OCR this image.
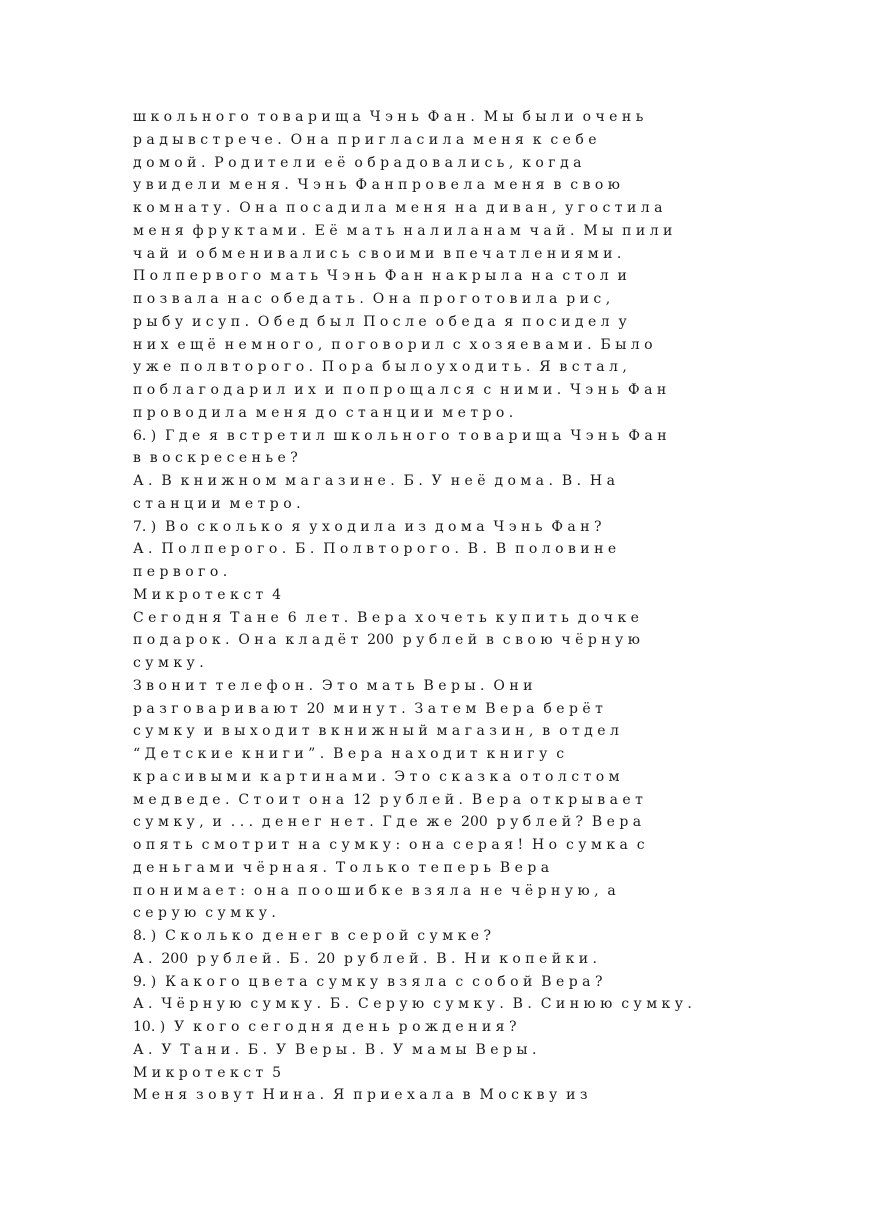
ш к о л ь н о г о  т о в а р и щ а  Ч э н ь  Ф а н .  М ы  б ы л и  о ч е н ь
р а д ы в с т р е ч е .  О н а  п р и г л а с и л а  м е н я  к  с е б е
д о м о й .  Р о д и т е л и  е ё  о б р а д о в а л и с ь ,  к о г д а
у в и д е л и  м е н я .  Ч э н ь  Ф а н п р о в е л а  м е н я  в  с в о ю
к о м н а т у .  О н а  п о с а д и л а  м е н я  н а  д и в а н ,  у г о с т и л а
м е н я  ф р у к т а м и .  Е ё  м а т ь  н а л и л а н а м  ч а й .  М ы  п и л и
ч а й  и  о б м е н и в а л и с ь  с в о и м и  в п е ч а т л е н и я м и .
П о л п е р в о г о  м а т ь  Ч э н ь  Ф а н  н а к р ы л а  н а  с т о л  и
п о з в а л а  н а с  о б е д а т ь .  О н а  п р о г о т о в и л а  р и с ,
р ы б у  и с у п .  О б е д  б ы л  П о с л е  о б е д а  я  п о с и д е л  у
н и х  е щ ё  н е м н о г о ,  п о г о в о р и л  с  х о з я е в а м и .  Б ы л о
у ж е  п о л в т о р о г о .  П о р а  б ы л о у х о д и т ь .  Я  в с т а л ,
п о б л а г о д а р и л  и х  и  п о п р о щ а л с я  с  н и м и .  Ч э н ь  Ф а н
п р о в о д и л а  м е н я  д о  с т а н ц и и  м е т р о .
6. )  Г д е  я  в с т р е т и л  ш к о л ь н о г о  т о в а р и щ а  Ч э н ь  Ф а н
в  в о с к р е с е н ь е ?
А .  В  к н и ж н о м  м а г а з и н е .  Б .  У  н е ё  д о м а .  В .  Н а
с т а н ц и и  м е т р о .
7. )  В о  с к о л ь к о  я  у х о д и л а  и з  д о м а  Ч э н ь  Ф а н ?
А .  П о л п е р о г о .  Б .  П о л в т о р о г о .  В .  В  п о л о в и н е
п е р в о г о .
М и к р о т е к с т  4
С е г о д н я  Т а н е  6  л е т .  В е р а  х о ч е т ь  к у п и т ь  д о ч к е
п о д а р о к .  О н а  к л а д ё т  200  р у б л е й  в  с в о ю  ч ё р н у ю
с у м к у .
З в о н и т  т е л е ф о н .  Э т о  м а т ь  В е р ы .  О н и
р а з г о в а р и в а ю т  20  м и н у т .  З а т е м  В е р а  б е р ё т
с у м к у  и  в ы х о д и т  в к н и ж н ы й  м а г а з и н ,  в  о т д е л
“ Д е т с к и е  к н и г и ” .  В е р а  н а х о д и т  к н и г у  с
к р а с и в ы м и  к а р т и н а м и .  Э т о  с к а з к а  о т о л с т о м
м е д в е д е .  С т о и т  о н а  12  р у б л е й .  В е р а  о т к р ы в а е т
с у м к у ,  и  . . .  д е н е г  н е т .  Г д е  ж е  200  р у б л е й ?  В е р а
о п я т ь  с м о т р и т  н а  с у м к у :  о н а  с е р а я !  Н о  с у м к а  с
д е н ь г а м и  ч ё р н а я .  Т о л ь к о  т е п е р ь  В е р а
п о н и м а е т :  о н а  п о о ш и б к е  в з я л а  н е  ч ё р н у ю ,  а
с е р у ю  с у м к у .
8. )  С к о л ь к о  д е н е г  в  с е р о й  с у м к е ?
А .  200  р у б л е й .  Б .  20  р у б л е й .  В .  Н и  к о п е й к и .
9. )  К а к о г о  ц в е т а  с у м к у  в з я л а  с  с о б о й  В е р а ?
А .  Ч ё р н у ю  с у м к у .  Б .  С е р у ю  с у м к у .  В .  С и н ю ю  с у м к у .
10. )  У  к о г о  с е г о д н я  д е н ь  р о ж д е н и я ?
А .  У  Т а н и .  Б .  У  В е р ы .  В .  У  м а м ы  В е р ы .
М и к р о т е к с т  5
М е н я  з о в у т  Н и н а .  Я  п р и е х а л а  в  М о с к в у  и з
